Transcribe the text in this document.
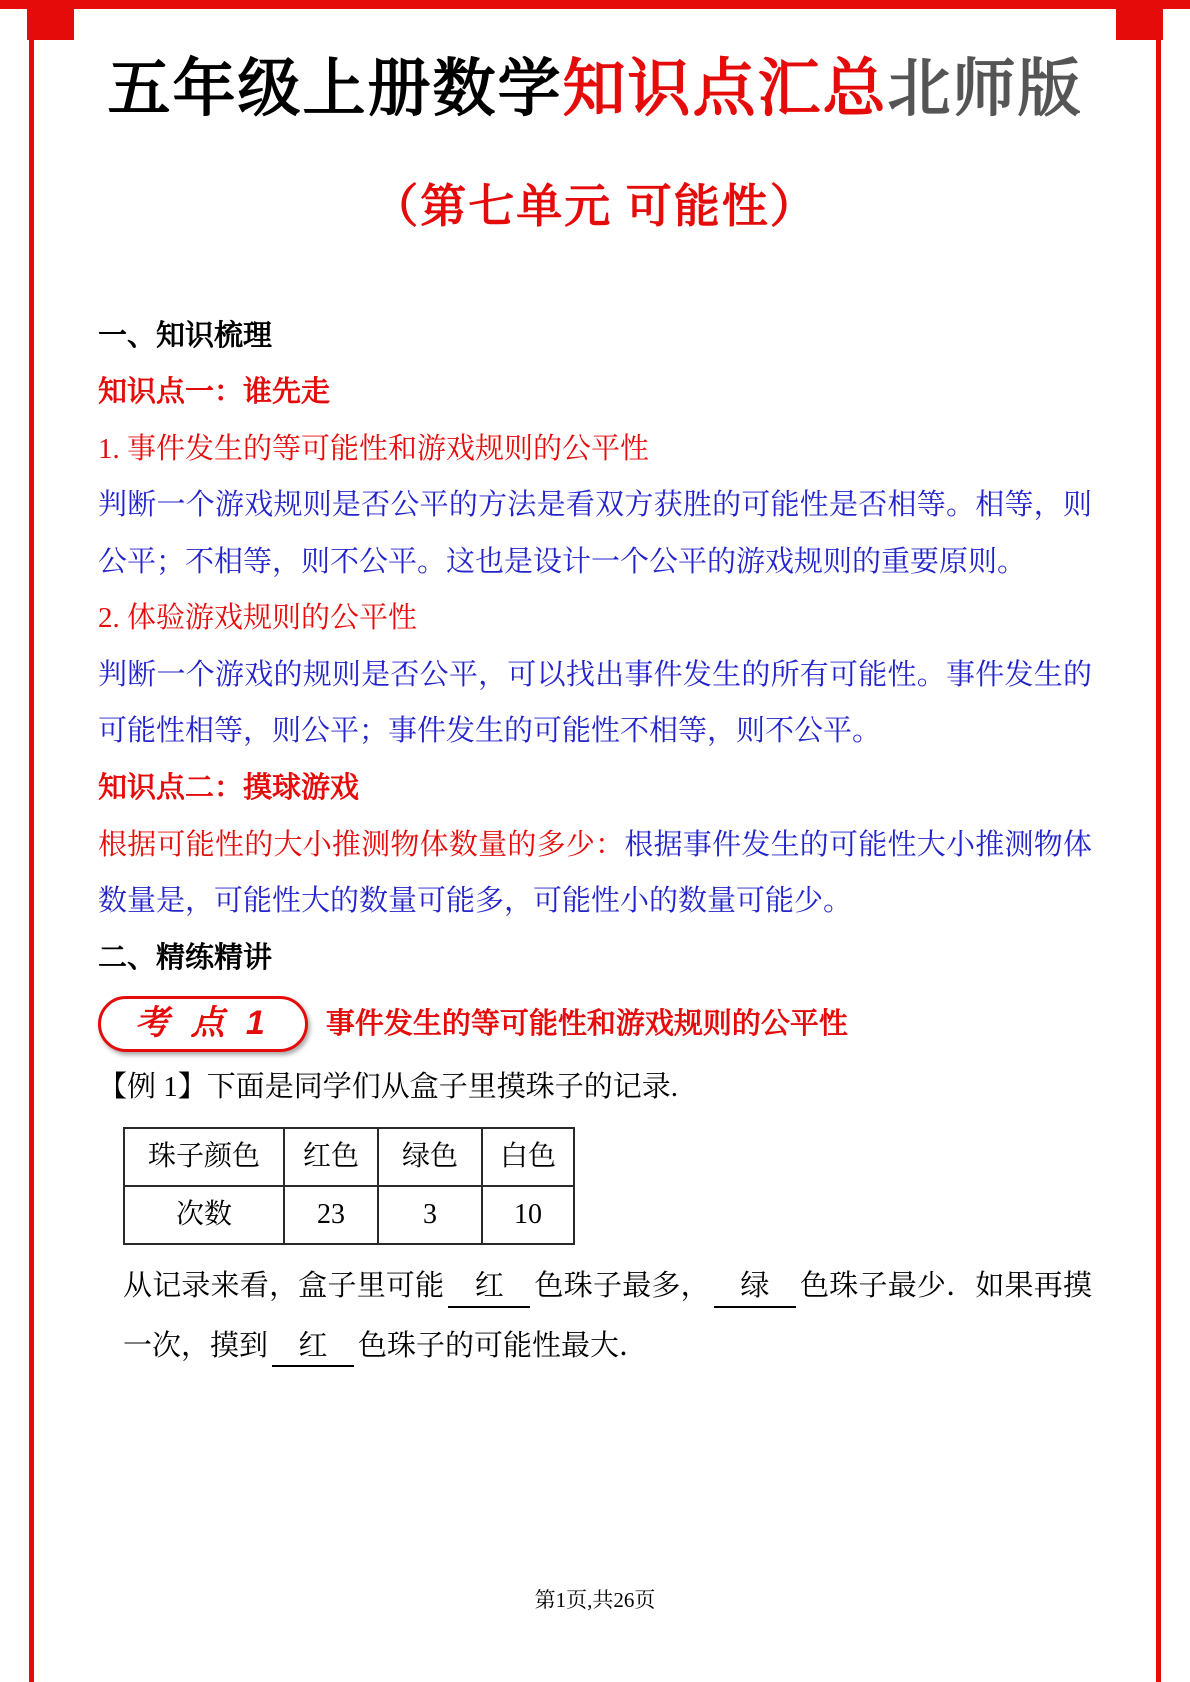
五年级上册数学知识点汇总北师版
（第七单元 可能性）

一、知识梳理

知识点一：谁先走

1. 事件发生的等可能性和游戏规则的公平性

判断一个游戏规则是否公平的方法是看双方获胜的可能性是否相等。相等，则公平；不相等，则不公平。这也是设计一个公平的游戏规则的重要原则。

2. 体验游戏规则的公平性

判断一个游戏的规则是否公平，可以找出事件发生的所有可能性。事件发生的可能性相等，则公平；事件发生的可能性不相等，则不公平。

知识点二：摸球游戏

根据可能性的大小推测物体数量的多少：根据事件发生的可能性大小推测物体数量是，可能性大的数量可能多，可能性小的数量可能少。

二、精练精讲

考 点 1	事件发生的等可能性和游戏规则的公平性

【例 1】下面是同学们从盒子里摸珠子的记录.

珠子颜色	红色	绿色	白色
次数	23	3	10
从记录来看，盒子里可能 红 色珠子最多， 绿 色珠子最少．如果再摸一次，摸到 红 色珠子的可能性最大．
第1页,共26页
